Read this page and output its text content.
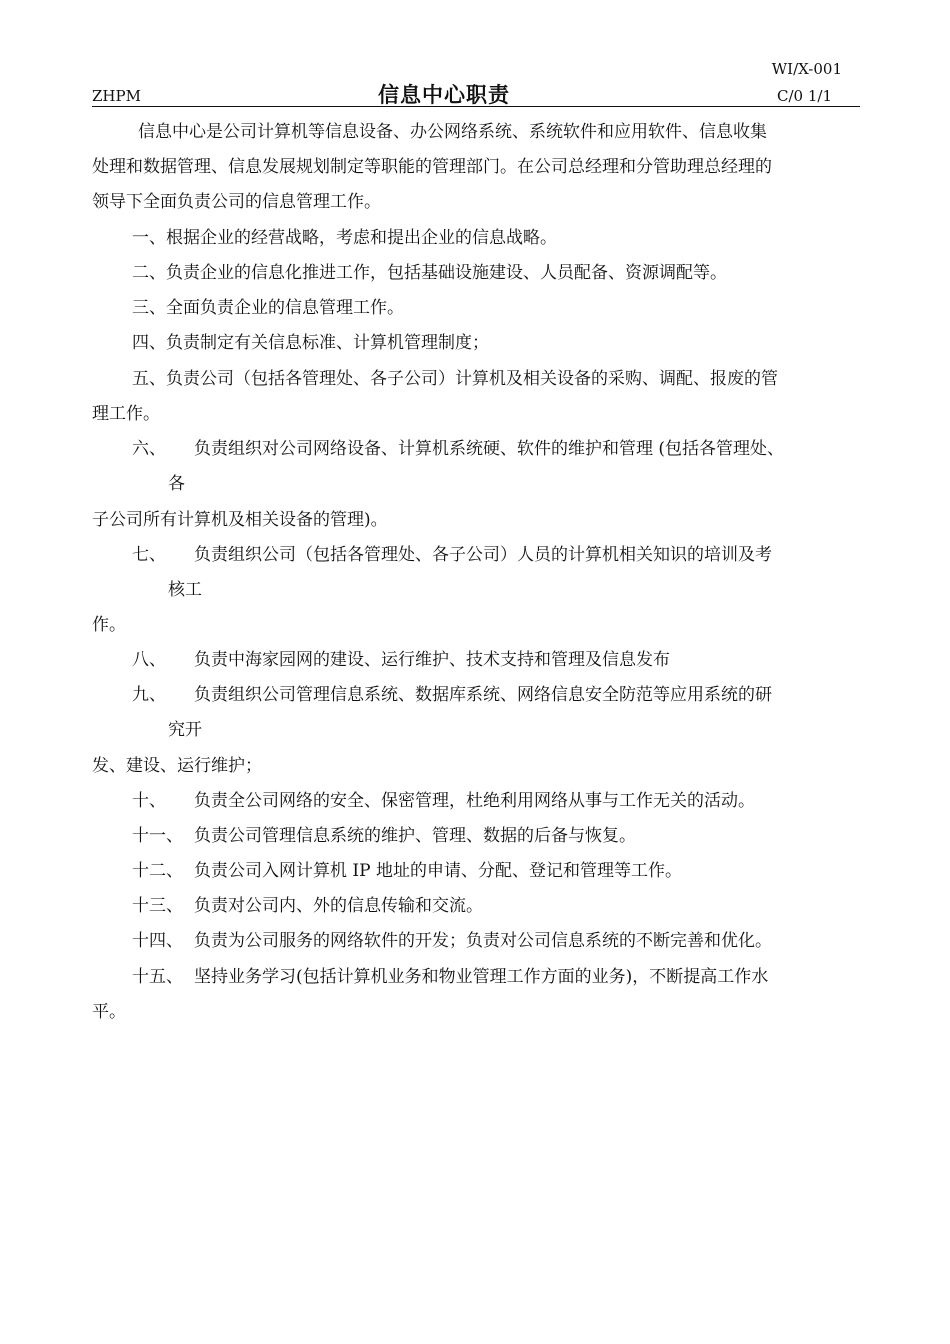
WI/X-001
ZHPM	信息中心职责	C/0 1/1
信息中心是公司计算机等信息设备、办公网络系统、系统软件和应用软件、信息收集
处理和数据管理、信息发展规划制定等职能的管理部门。在公司总经理和分管助理总经理的
领导下全面负责公司的信息管理工作。
一、根据企业的经营战略，考虑和提出企业的信息战略。
二、负责企业的信息化推进工作，包括基础设施建设、人员配备、资源调配等。
三、全面负责企业的信息管理工作。
四、负责制定有关信息标准、计算机管理制度；
五、负责公司（包括各管理处、各子公司）计算机及相关设备的采购、调配、报废的管
理工作。
六、 负责组织对公司网络设备、计算机系统硬、软件的维护和管理 (包括各管理处、
各
子公司所有计算机及相关设备的管理)。
七、 负责组织公司（包括各管理处、各子公司）人员的计算机相关知识的培训及考
核工
作。
八、 负责中海家园网的建设、运行维护、技术支持和管理及信息发布
九、 负责组织公司管理信息系统、数据库系统、网络信息安全防范等应用系统的研
究开
发、建设、运行维护；
十、 负责全公司网络的安全、保密管理，杜绝利用网络从事与工作无关的活动。
十一、 负责公司管理信息系统的维护、管理、数据的后备与恢复。
十二、 负责公司入网计算机 IP 地址的申请、分配、登记和管理等工作。
十三、 负责对公司内、外的信息传输和交流。
十四、 负责为公司服务的网络软件的开发；负责对公司信息系统的不断完善和优化。
十五、 坚持业务学习(包括计算机业务和物业管理工作方面的业务)，不断提高工作水
平。
